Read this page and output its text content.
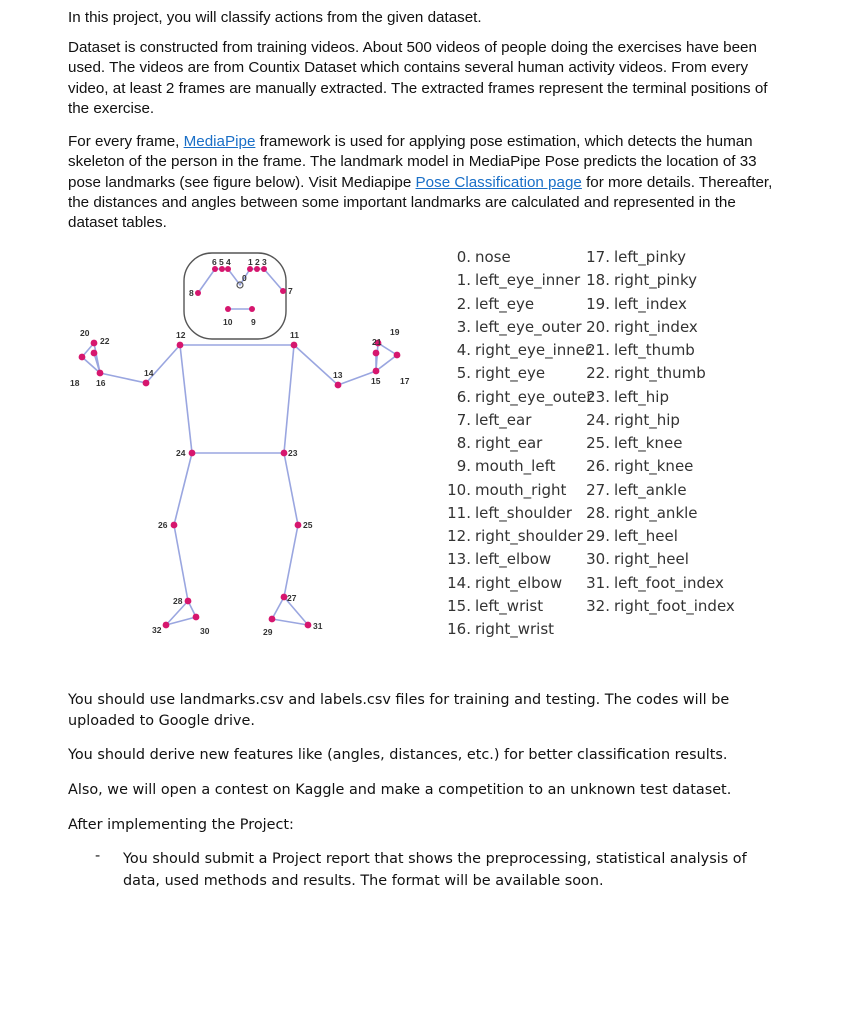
In this project, you will classify actions from the given dataset.

Dataset is constructed from training videos. About 500 videos of people doing the exercises have been used. The videos are from Countix Dataset which contains several human activity videos. From every video, at least 2 frames are manually extracted. The extracted frames represent the terminal positions of the exercise.

For every frame, MediaPipe framework is used for applying pose estimation, which detects the human skeleton of the person in the frame. The landmark model in MediaPipe Pose predicts the location of 33 pose landmarks (see figure below). Visit Mediapipe Pose Classification page for more details. Thereafter, the distances and angles between some important landmarks are calculated and represented in the dataset tables.

0
1 2 3
4
5
6
7
8
9
10
11
12
13
14
15
16	17
18
19
20
21
22
23
24
25
26
27
28
29
30	31
32
0. nose
1. left_eye_inner
2. left_eye
3. left_eye_outer
4. right_eye_inner
5. right_eye
6. right_eye_outer
7. left_ear
8. right_ear
9. mouth_left
10. mouth_right
11. left_shoulder
12. right_shoulder
13. left_elbow
14. right_elbow
15. left_wrist
16. right_wrist
17. left_pinky
18. right_pinky
19. left_index
20. right_index
21. left_thumb
22. right_thumb
23. left_hip
24. right_hip
25. left_knee
26. right_knee
27. left_ankle
28. right_ankle
29. left_heel
30. right_heel
31. left_foot_index
32. right_foot_index

You should use landmarks.csv and labels.csv files for training and testing. The codes will be uploaded to Google drive.

You should derive new features like (angles, distances, etc.) for better classification results.

Also, we will open a contest on Kaggle and make a competition to an unknown test dataset.

After implementing the Project:

- You should submit a Project report that shows the preprocessing, statistical analysis of data, used methods and results. The format will be available soon.
